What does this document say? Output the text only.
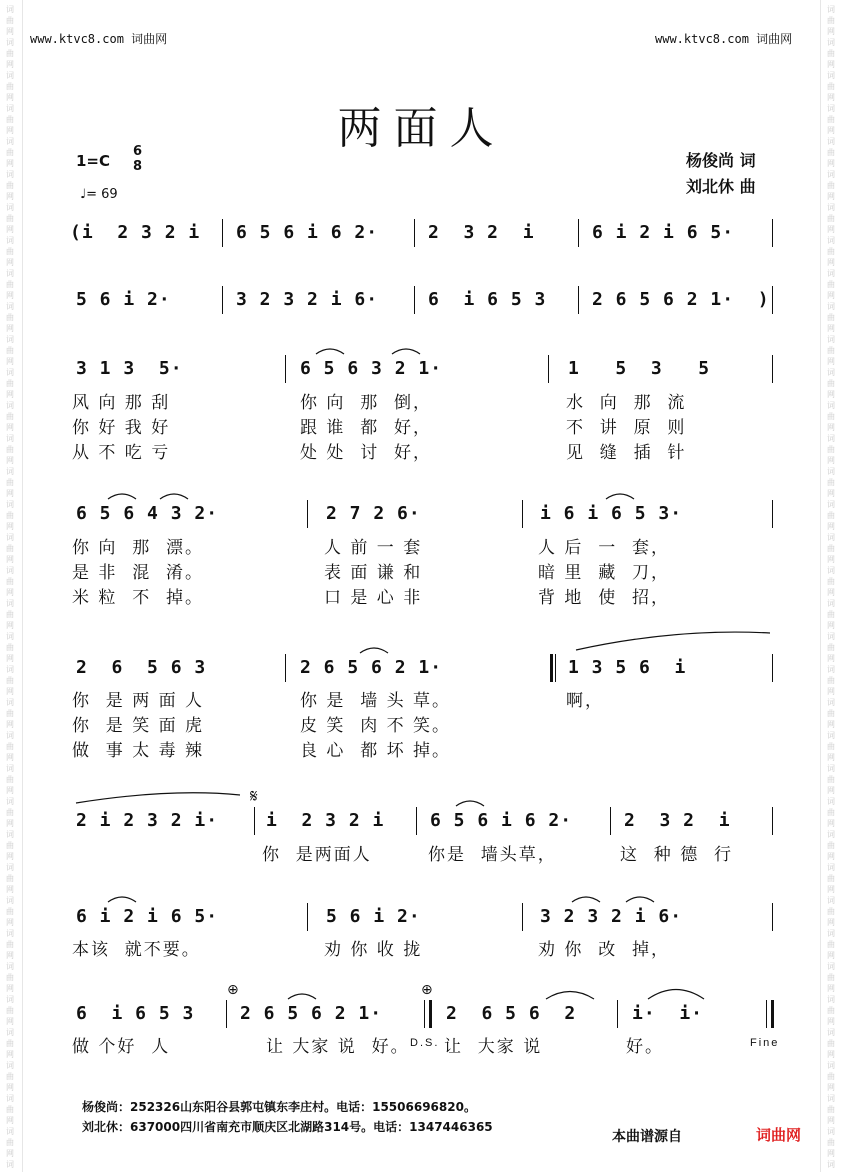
词
曲
网
词
曲
网
词
曲
网
词
曲
网
词
曲
网
词
曲
网
词
曲
网
词
曲
网
词
曲
网
词
曲
网
词
曲
网
词
曲
网
词
曲
网
词
曲
网
词
曲
网
词
曲
网
词
曲
网
词
曲
网
词
曲
网
词
曲
网
词
曲
网
词
曲
网
词
曲
网
词
曲
网
词
曲
网
词
曲
网
词
曲
网
词
曲
网
词
曲
网
词
曲
网
词
曲
网
词
曲
网
词
曲
网
词
曲
网
词
曲
网
词
词
曲
网
词
曲
网
词
曲
网
词
曲
网
词
曲
网
词
曲
网
词
曲
网
词
曲
网
词
曲
网
词
曲
网
词
曲
网
词
曲
网
词
曲
网
词
曲
网
词
曲
网
词
曲
网
词
曲
网
词
曲
网
词
曲
网
词
曲
网
词
曲
网
词
曲
网
词
曲
网
词
曲
网
词
曲
网
词
曲
网
词
曲
网
词
曲
网
词
曲
网
词
曲
网
词
曲
网
词
曲
网
词
曲
网
词
曲
网
词
曲
网
词
www.ktvc8.com 词曲网	www.ktvc8.com 词曲网
两面人
1=C
6
8
♩= 69
杨俊尚 词
刘北休 曲
(i  2 3 2 i 6 5 6 i 6 2·	2  3 2  i	6 i 2 i 6 5·
5 6 i 2·	3 2 3 2 i 6·	6  i 6 5 3	2 6 5 6 2 1·  )
3 1 3  5·	6 5 6 3 2 1·	1   5  3   5
风 向 那 刮	你 向  那  倒，	水  向  那  流
你 好 我 好	跟 谁  都  好，	不  讲  原  则
从 不 吃 亏	处 处  讨  好，	见  缝  插  针
6 5 6 4 3 2·	2 7 2 6·	i 6 i 6 5 3·
你 向  那  漂。	人 前 一 套	人 后  一  套，
是 非  混  淆。	表 面 谦 和	暗 里  藏  刀，
米 粒  不  掉。	口 是 心 非	背 地  使  招，
2  6  5 6 3	2 6 5 6 2 1·	1 3 5 6  i
你  是 两 面 人	你 是  墙 头 草。	啊，
你  是 笑 面 虎	皮 笑  肉 不 笑。
做  事 太 毒 辣	良 心  都 坏 掉。
2 i 2 3 2 i·	i  2 3 2 i	6 5 6 i 6 2·	2  3 2  i
𝄋
你  是两面人	你是  墙头草，	这  种 德  行
6 i 2 i 6 5·	5 6 i 2·	3 2 3 2 i 6·
本该  就不要。	劝 你 收 拢	劝 你  改  掉，
6  i 6 5 3	2 6 5 6 2 1·	2  6 5 6  2	i·  i·
⊕	⊕
做 个好  人	让 大家 说  好。 D.S. 让  大家 说	好。	Fine
杨俊尚：252326山东阳谷县郭屯镇东李庄村。电话：15506696820。
刘北休：637000四川省南充市顺庆区北湖路314号。电话：1347446365
本曲谱源自	词曲网
